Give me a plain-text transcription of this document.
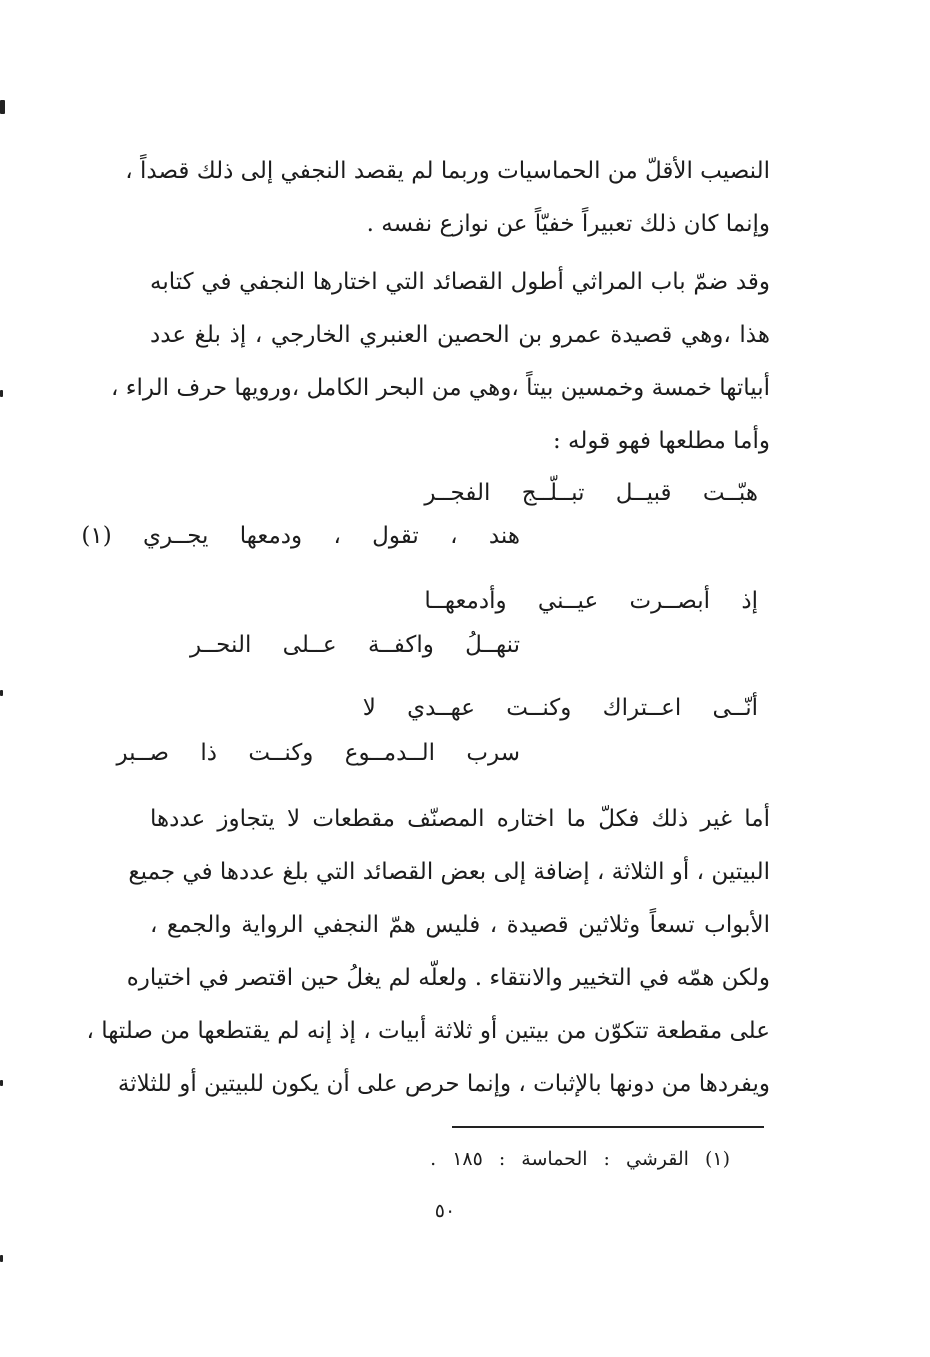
النصيب الأقلّ من الحماسيات وربما لم يقصد النجفي إلى ذلك قصداً ،
وإنما كان ذلك تعبيراً خفيّاً عن نوازع نفسه .
وقد ضمّ باب المراثي أطول القصائد التي اختارها النجفي في كتابه
هذا ،وهي قصيدة عمرو بن الحصين العنبري الخارجي ، إذ بلغ عدد
أبياتها خمسة وخمسين بيتاً ،وهي من البحر الكامل ،ورويها حرف الراء ،
وأما مطلعها فهو قوله :
هبّــت قبيــل تبــلّــج الفجــر
هند ، تقول ، ودمعها يجــري (١)
إذ أبصــرت عيــني وأدمعهــا
تنهــلُ واكفــة عــلى النحــر
أنّــى اعــتراك وكنــت عهــدي لا
سرب الــدمــوع وكنــت ذا صــبر
أما غير ذلك فكلّ ما اختاره المصنّف مقطعات لا يتجاوز عددها
البيتين ، أو الثلاثة ، إضافة إلى بعض القصائد التي بلغ عددها في جميع
الأبواب تسعاً وثلاثين قصيدة ، فليس همّ النجفي الرواية والجمع ،
ولكن همّه في التخيير والانتقاء . ولعلّه لم يغلُ حين اقتصر في اختياره
على مقطعة تتكوّن من بيتين أو ثلاثة أبيات ، إذ إنه لم يقتطعها من صلتها ،
ويفردها من دونها بالإثبات ، وإنما حرص على أن يكون للبيتين أو للثلاثة
(١) القرشي : الحماسة : ١٨٥ .
٥٠
